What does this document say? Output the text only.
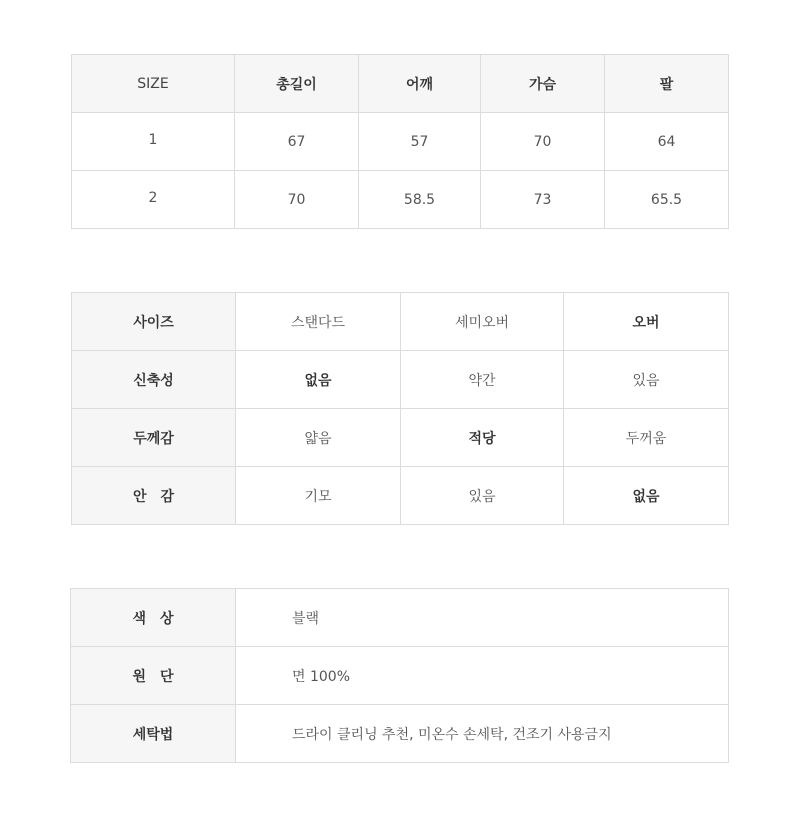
SIZE	총길이	어깨	가슴	팔
1	67	57	70	64
2	70	58.5	73	65.5
사이즈	스탠다드	세미오버	오버
신축성	없음	약간	있음
두께감	얇음	적당	두꺼움
안　감	기모	있음	없음
색　상	블랙
원　단	면 100%
세탁법	드라이 클리닝 추천, 미온수 손세탁, 건조기 사용금지
